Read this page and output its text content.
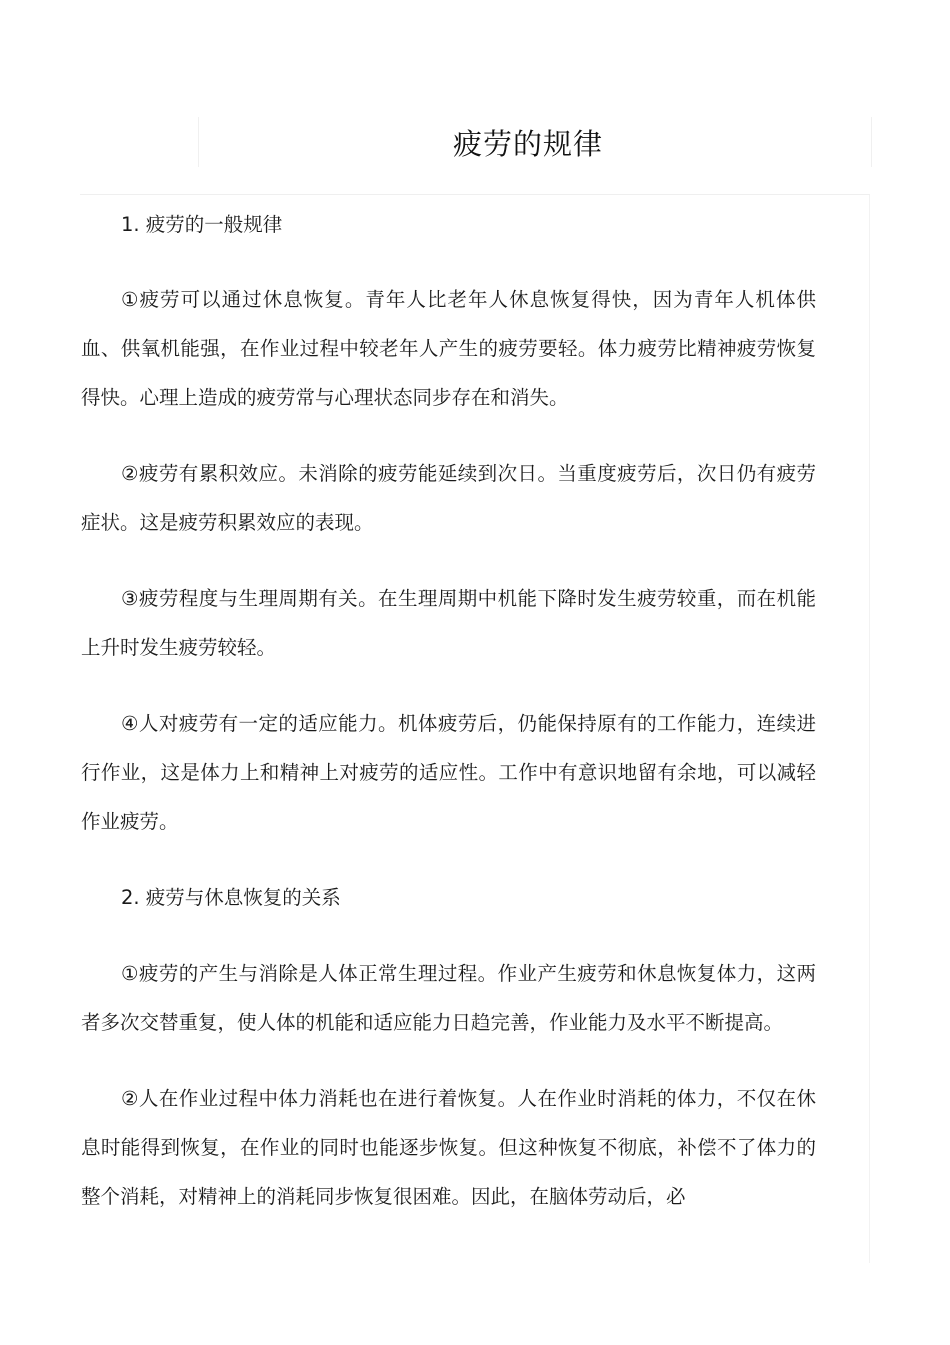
疲劳的规律
1. 疲劳的一般规律

①疲劳可以通过休息恢复。青年人比老年人休息恢复得快，因为青年人机体供血、供氧机能强，在作业过程中较老年人产生的疲劳要轻。体力疲劳比精神疲劳恢复得快。心理上造成的疲劳常与心理状态同步存在和消失。

②疲劳有累积效应。未消除的疲劳能延续到次日。当重度疲劳后，次日仍有疲劳症状。这是疲劳积累效应的表现。

③疲劳程度与生理周期有关。在生理周期中机能下降时发生疲劳较重，而在机能上升时发生疲劳较轻。

④人对疲劳有一定的适应能力。机体疲劳后，仍能保持原有的工作能力，连续进行作业，这是体力上和精神上对疲劳的适应性。工作中有意识地留有余地，可以减轻作业疲劳。

2. 疲劳与休息恢复的关系

①疲劳的产生与消除是人体正常生理过程。作业产生疲劳和休息恢复体力，这两者多次交替重复，使人体的机能和适应能力日趋完善，作业能力及水平不断提高。

②人在作业过程中体力消耗也在进行着恢复。人在作业时消耗的体力，不仅在休息时能得到恢复，在作业的同时也能逐步恢复。但这种恢复不彻底，补偿不了体力的整个消耗，对精神上的消耗同步恢复很困难。因此，在脑体劳动后，必
